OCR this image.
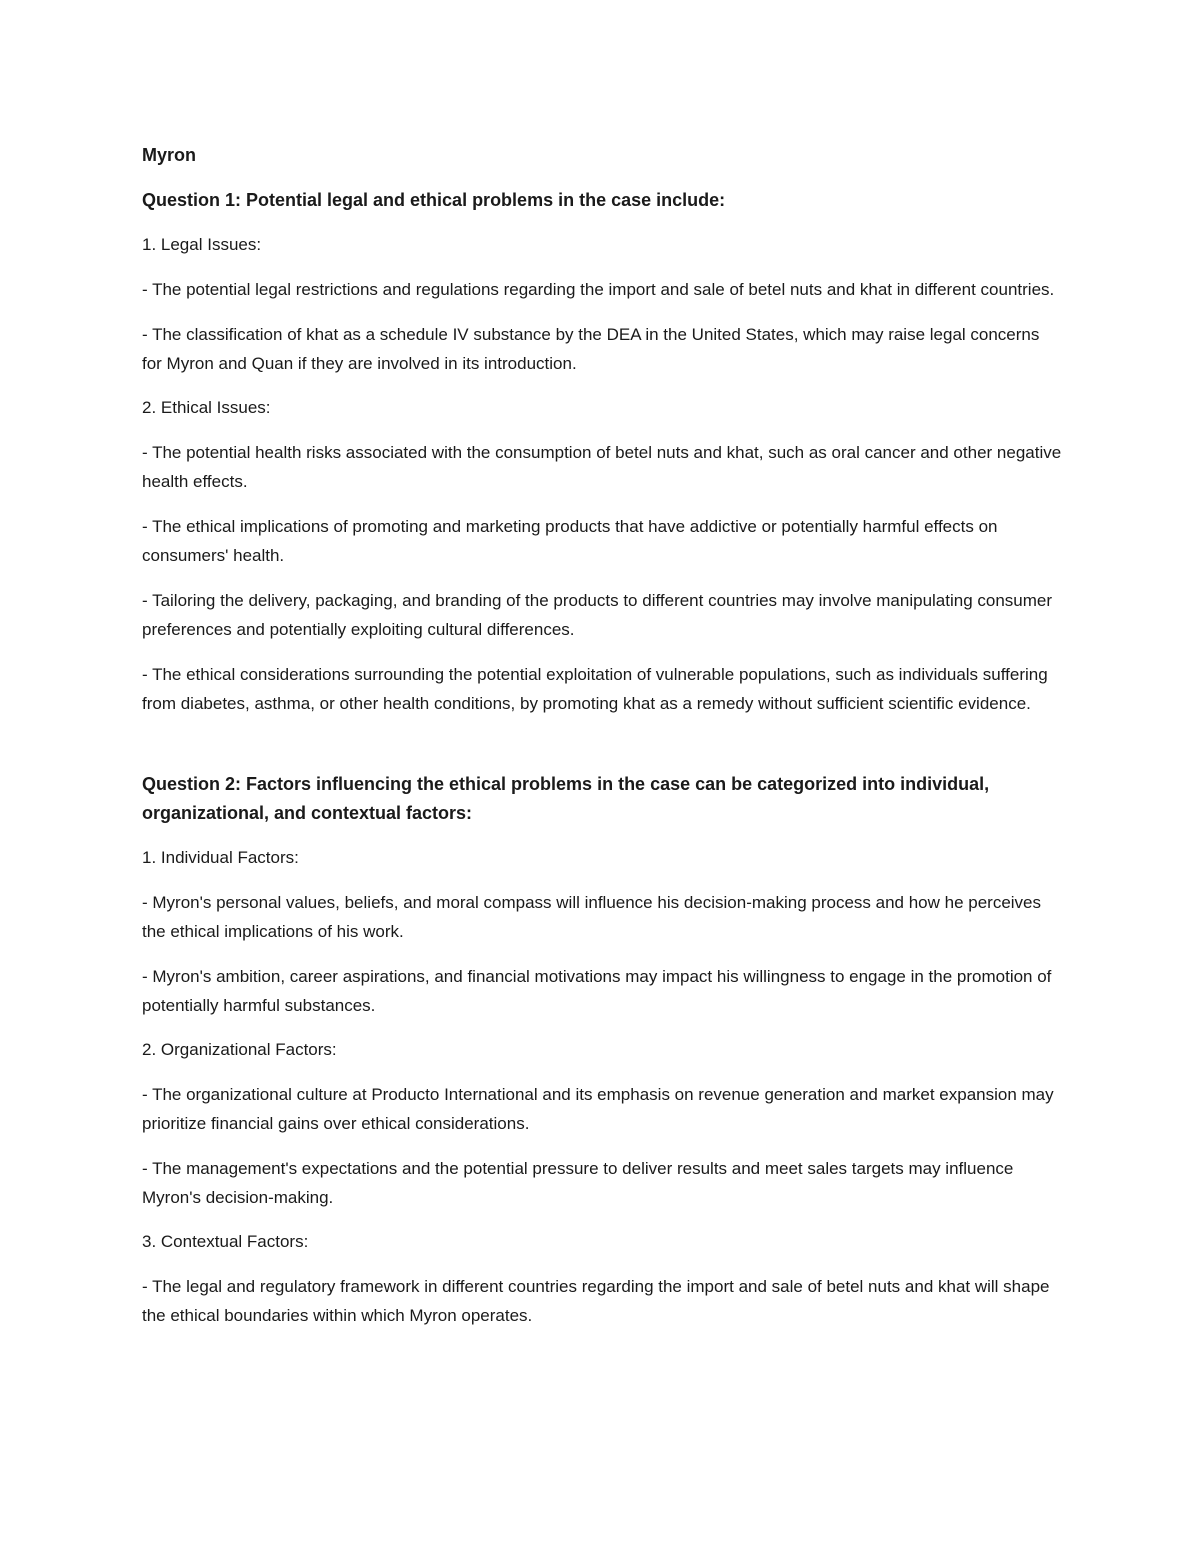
Myron
Question 1: Potential legal and ethical problems in the case include:
1. Legal Issues:
- The potential legal restrictions and regulations regarding the import and sale of betel nuts and khat in different countries.
- The classification of khat as a schedule IV substance by the DEA in the United States, which may raise legal concerns for Myron and Quan if they are involved in its introduction.
2. Ethical Issues:
- The potential health risks associated with the consumption of betel nuts and khat, such as oral cancer and other negative health effects.
- The ethical implications of promoting and marketing products that have addictive or potentially harmful effects on consumers' health.
- Tailoring the delivery, packaging, and branding of the products to different countries may involve manipulating consumer preferences and potentially exploiting cultural differences.
- The ethical considerations surrounding the potential exploitation of vulnerable populations, such as individuals suffering from diabetes, asthma, or other health conditions, by promoting khat as a remedy without sufficient scientific evidence.
Question 2: Factors influencing the ethical problems in the case can be categorized into individual, organizational, and contextual factors:
1. Individual Factors:
- Myron's personal values, beliefs, and moral compass will influence his decision-making process and how he perceives the ethical implications of his work.
- Myron's ambition, career aspirations, and financial motivations may impact his willingness to engage in the promotion of potentially harmful substances.
2. Organizational Factors:
- The organizational culture at Producto International and its emphasis on revenue generation and market expansion may prioritize financial gains over ethical considerations.
- The management's expectations and the potential pressure to deliver results and meet sales targets may influence Myron's decision-making.
3. Contextual Factors:
- The legal and regulatory framework in different countries regarding the import and sale of betel nuts and khat will shape the ethical boundaries within which Myron operates.
